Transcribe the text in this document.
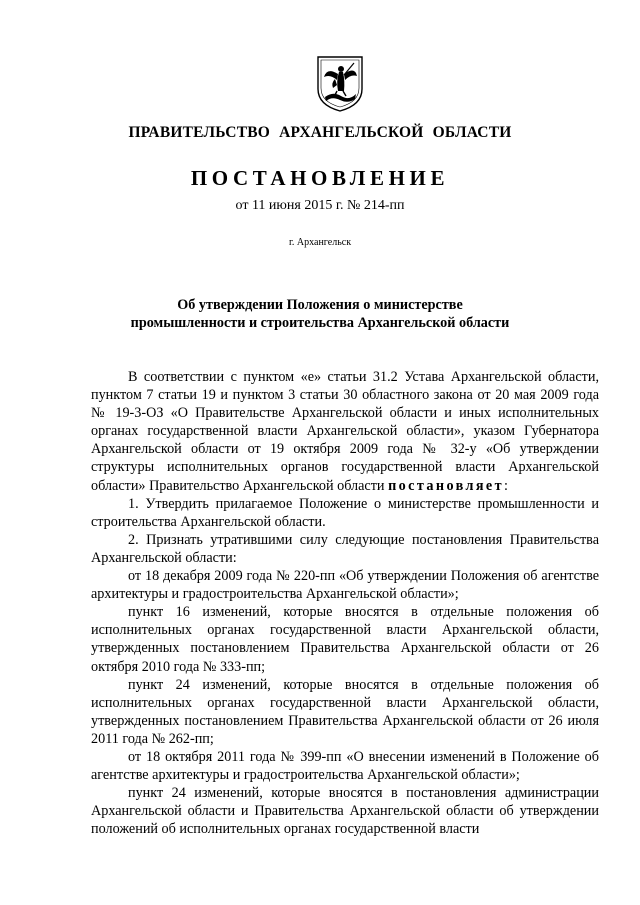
ПРАВИТЕЛЬСТВО АРХАНГЕЛЬСКОЙ ОБЛАСТИ
ПОСТАНОВЛЕНИЕ
от 11 июня 2015 г. № 214-пп
г. Архангельск
Об утверждении Положения о министерстве
промышленности и строительства Архангельской области

В соответствии с пунктом «е» статьи 31.2 Устава Архангельской области, пунктом 7 статьи 19 и пунктом 3 статьи 30 областного закона от 20 мая 2009 года № 19-3-ОЗ «О Правительстве Архангельской области и иных исполнительных органах государственной власти Архангельской области», указом Губернатора Архангельской области от 19 октября 2009 года № 32-у «Об утверждении структуры исполнительных органов государственной власти Архангельской области» Правительство Архангельской области постановляет:

1. Утвердить прилагаемое Положение о министерстве промышленности и строительства Архангельской области.

2. Признать утратившими силу следующие постановления Правительства Архангельской области:

от 18 декабря 2009 года № 220-пп «Об утверждении Положения об агентстве архитектуры и градостроительства Архангельской области»;

пункт 16 изменений, которые вносятся в отдельные положения об исполнительных органах государственной власти Архангельской области, утвержденных постановлением Правительства Архангельской области от 26 октября 2010 года № 333-пп;

пункт 24 изменений, которые вносятся в отдельные положения об исполнительных органах государственной власти Архангельской области, утвержденных постановлением Правительства Архангельской области от 26 июля 2011 года № 262-пп;

от 18 октября 2011 года № 399-пп «О внесении изменений в Положение об агентстве архитектуры и градостроительства Архангельской области»;

пункт 24 изменений, которые вносятся в постановления администрации Архангельской области и Правительства Архангельской области об утверждении положений об исполнительных органах государственной власти
